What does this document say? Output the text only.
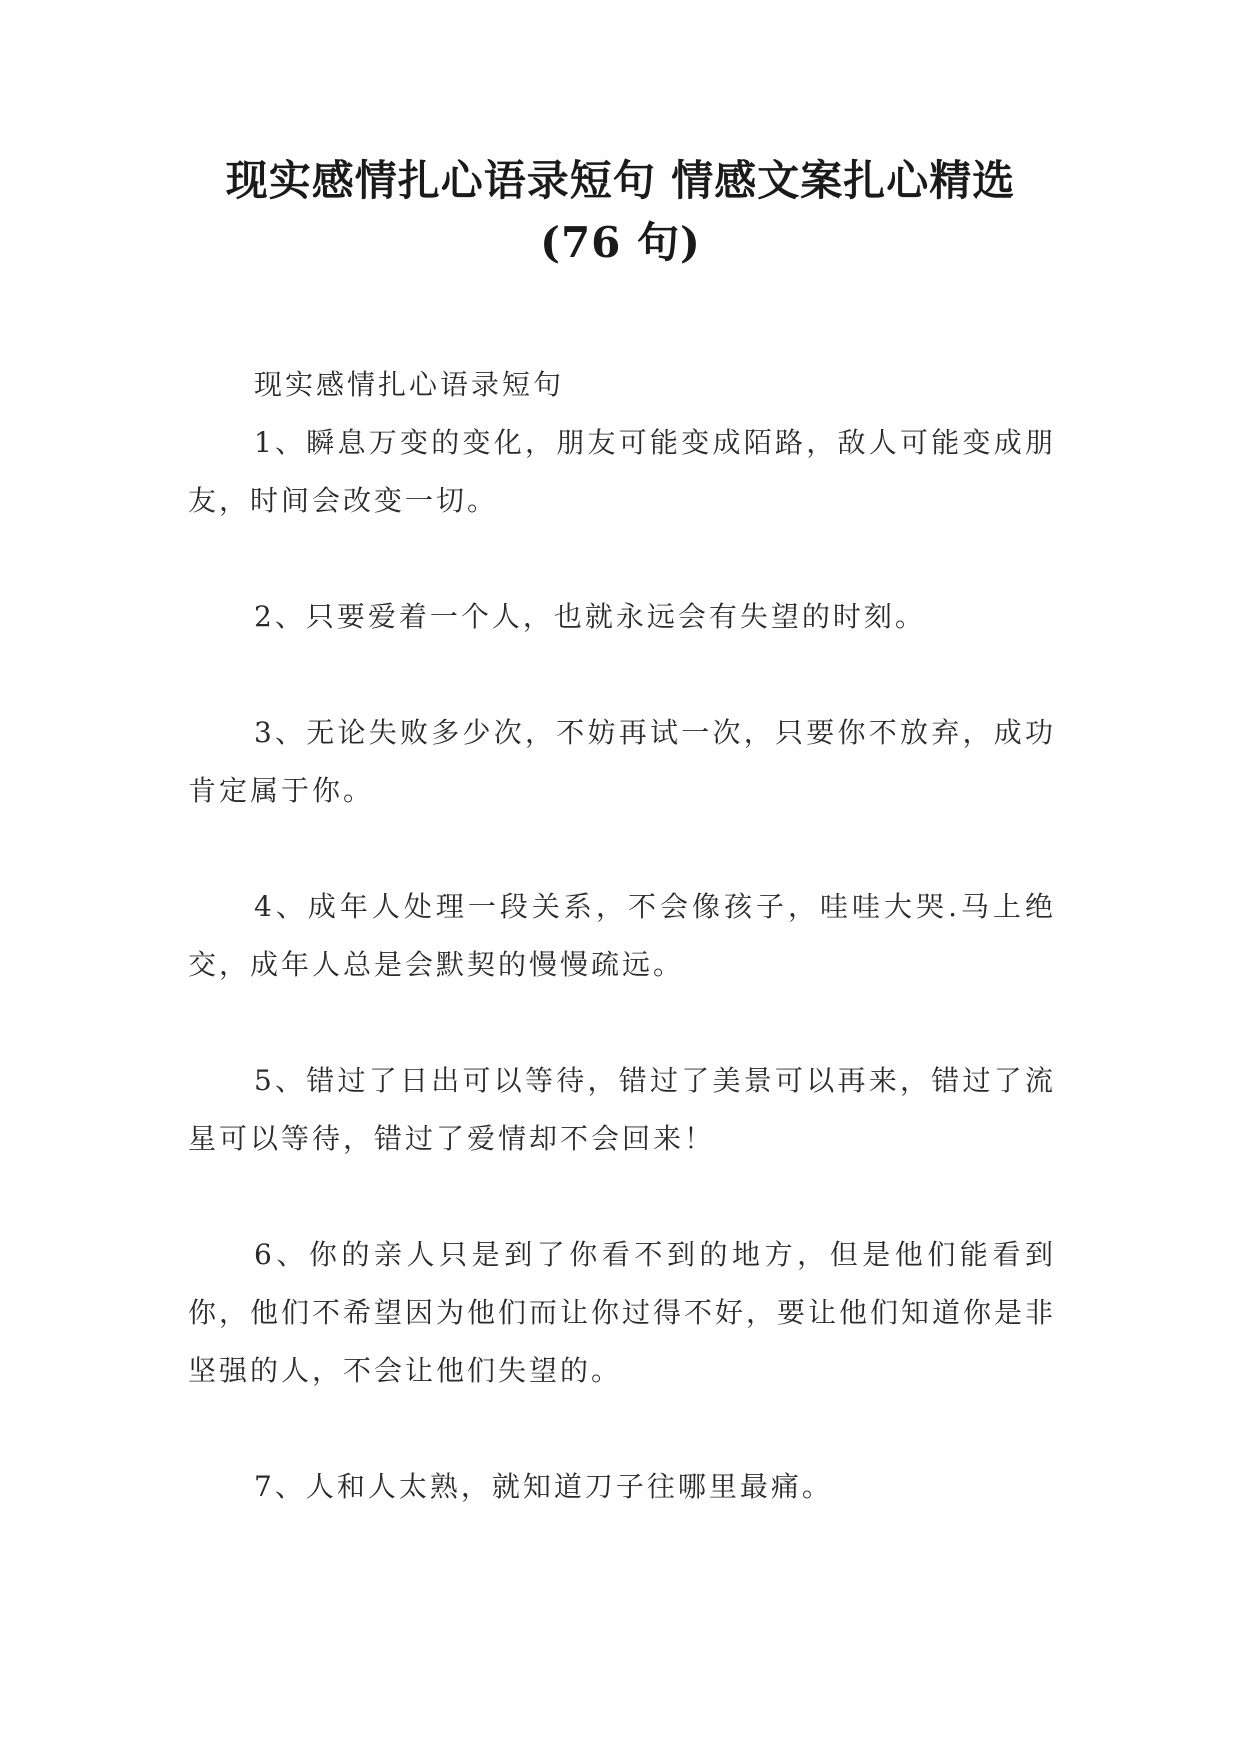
现实感情扎心语录短句 情感文案扎心精选
(76 句)

现实感情扎心语录短句

1、瞬息万变的变化，朋友可能变成陌路，敌人可能变成朋友，时间会改变一切。

2、只要爱着一个人，也就永远会有失望的时刻。

3、无论失败多少次，不妨再试一次，只要你不放弃，成功肯定属于你。

4、成年人处理一段关系，不会像孩子，哇哇大哭.马上绝交，成年人总是会默契的慢慢疏远。

5、错过了日出可以等待，错过了美景可以再来，错过了流星可以等待，错过了爱情却不会回来！

6、你的亲人只是到了你看不到的地方，但是他们能看到你，他们不希望因为他们而让你过得不好，要让他们知道你是非坚强的人，不会让他们失望的。

7、人和人太熟，就知道刀子往哪里最痛。
